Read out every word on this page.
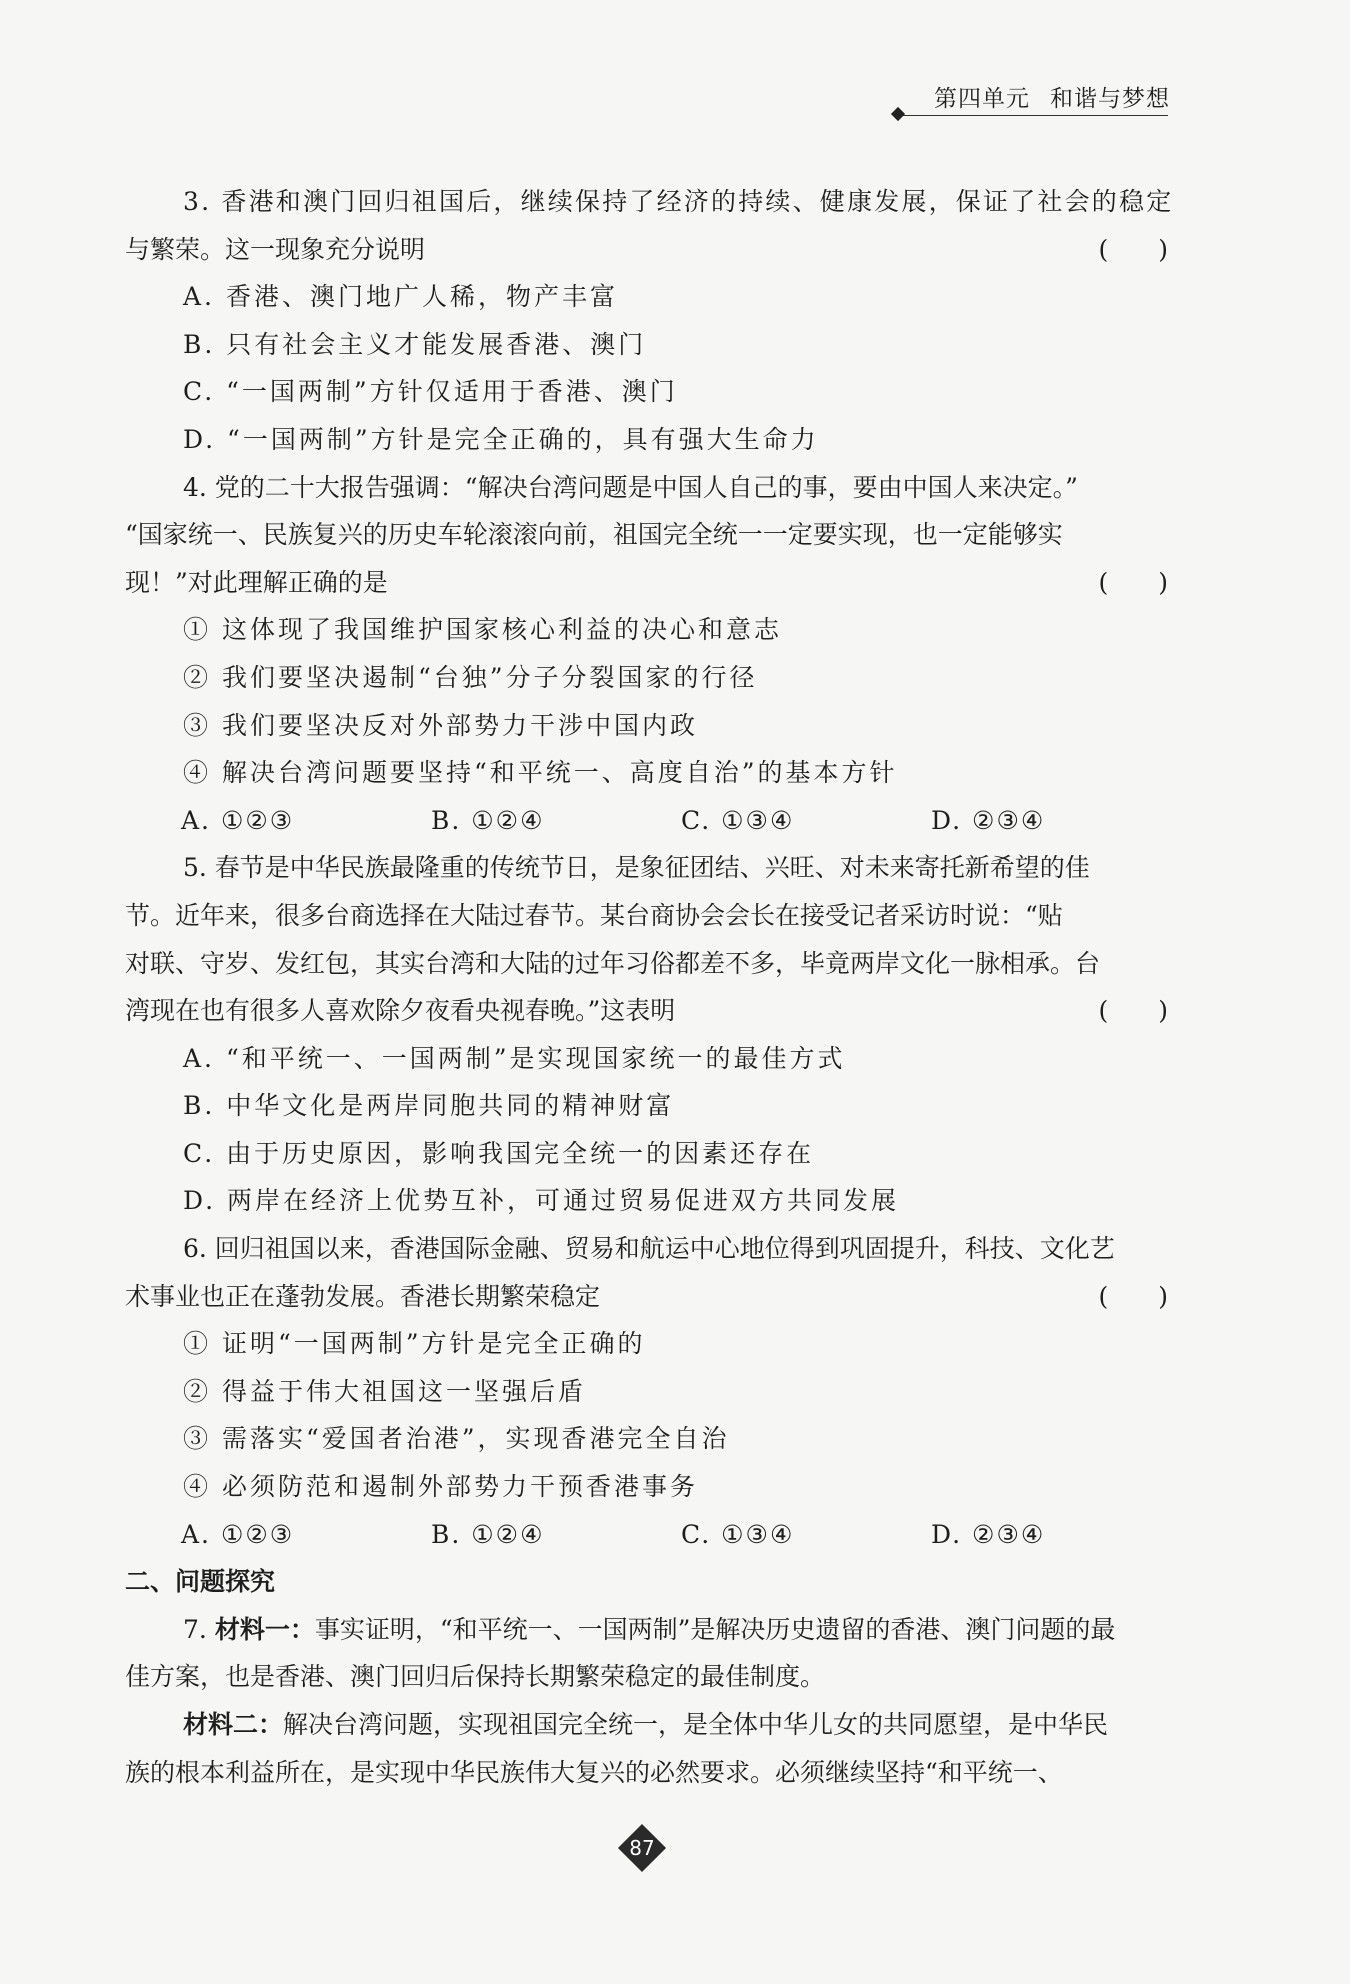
第四单元 和谐与梦想
3. 香港和澳门回归祖国后，继续保持了经济的持续、健康发展，保证了社会的稳定
与繁荣。这一现象充分说明	(　　)
A. 香港、澳门地广人稀，物产丰富
B. 只有社会主义才能发展香港、澳门
C. “一国两制”方针仅适用于香港、澳门
D. “一国两制”方针是完全正确的，具有强大生命力
4. 党的二十大报告强调：“解决台湾问题是中国人自己的事，要由中国人来决定。”
“国家统一、民族复兴的历史车轮滚滚向前，祖国完全统一一定要实现，也一定能够实
现！”对此理解正确的是	(　　)
① 这体现了我国维护国家核心利益的决心和意志
② 我们要坚决遏制“台独”分子分裂国家的行径
③ 我们要坚决反对外部势力干涉中国内政
④ 解决台湾问题要坚持“和平统一、高度自治”的基本方针
A. ①②③	B. ①②④	C. ①③④	D. ②③④
5. 春节是中华民族最隆重的传统节日，是象征团结、兴旺、对未来寄托新希望的佳
节。近年来，很多台商选择在大陆过春节。某台商协会会长在接受记者采访时说：“贴
对联、守岁、发红包，其实台湾和大陆的过年习俗都差不多，毕竟两岸文化一脉相承。台
湾现在也有很多人喜欢除夕夜看央视春晚。”这表明	(　　)
A. “和平统一、一国两制”是实现国家统一的最佳方式
B. 中华文化是两岸同胞共同的精神财富
C. 由于历史原因，影响我国完全统一的因素还存在
D. 两岸在经济上优势互补，可通过贸易促进双方共同发展
6. 回归祖国以来，香港国际金融、贸易和航运中心地位得到巩固提升，科技、文化艺
术事业也正在蓬勃发展。香港长期繁荣稳定	(　　)
① 证明“一国两制”方针是完全正确的
② 得益于伟大祖国这一坚强后盾
③ 需落实“爱国者治港”，实现香港完全自治
④ 必须防范和遏制外部势力干预香港事务
A. ①②③	B. ①②④	C. ①③④	D. ②③④
二、问题探究
7. 材料一：事实证明，“和平统一、一国两制”是解决历史遗留的香港、澳门问题的最
佳方案，也是香港、澳门回归后保持长期繁荣稳定的最佳制度。
材料二：解决台湾问题，实现祖国完全统一，是全体中华儿女的共同愿望，是中华民
族的根本利益所在，是实现中华民族伟大复兴的必然要求。必须继续坚持“和平统一、
87
